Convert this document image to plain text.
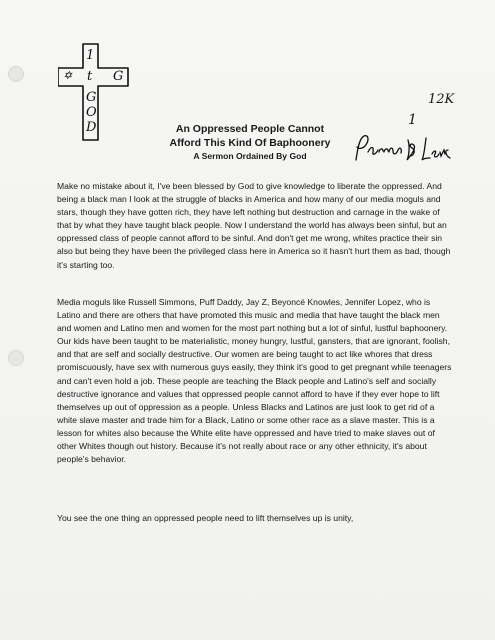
1
✡ t G
G
O
D
12K
1
An Oppressed People Cannot
Afford This Kind Of Baphoonery
A Sermon Ordained By God

Make no mistake about it, I've been blessed by God to give knowledge to liberate the oppressed. And being a black man I look at the struggle of blacks in America and how many of our media moguls and stars, though they have gotten rich, they have left nothing but destruction and carnage in the wake of that by what they have taught black people. Now I understand the world has always been sinful, but an oppressed class of people cannot afford to be sinful. And don't get me wrong, whites practice their sin also but being they have been the privileged class here in America so it hasn't hurt them as bad, though it's starting too.

Media moguls like Russell Simmons, Puff Daddy, Jay Z, Beyoncé Knowles, Jennifer Lopez, who is Latino and there are others that have promoted this music and media that have taught the black men and women and Latino men and women for the most part nothing but a lot of sinful, lustful baphoonery. Our kids have been taught to be materialistic, money hungry, lustful, gansters, that are ignorant, foolish, and that are self and socially destructive. Our women are being taught to act like whores that dress promiscuously, have sex with numerous guys easily, they think it's good to get pregnant while teenagers and can't even hold a job. These people are teaching the Black people and Latino's self and socially destructive ignorance and values that oppressed people cannot afford to have if they ever hope to lift themselves up out of oppression as a people. Unless Blacks and Latinos are just look to get rid of a white slave master and trade him for a Black, Latino or some other race as a slave master. This is a lesson for whites also because the White elite have oppressed and have tried to make slaves out of other Whites though out history. Because it's not really about race or any other ethnicity, it's about people's behavior.

You see the one thing an oppressed people need to lift themselves up is unity,
